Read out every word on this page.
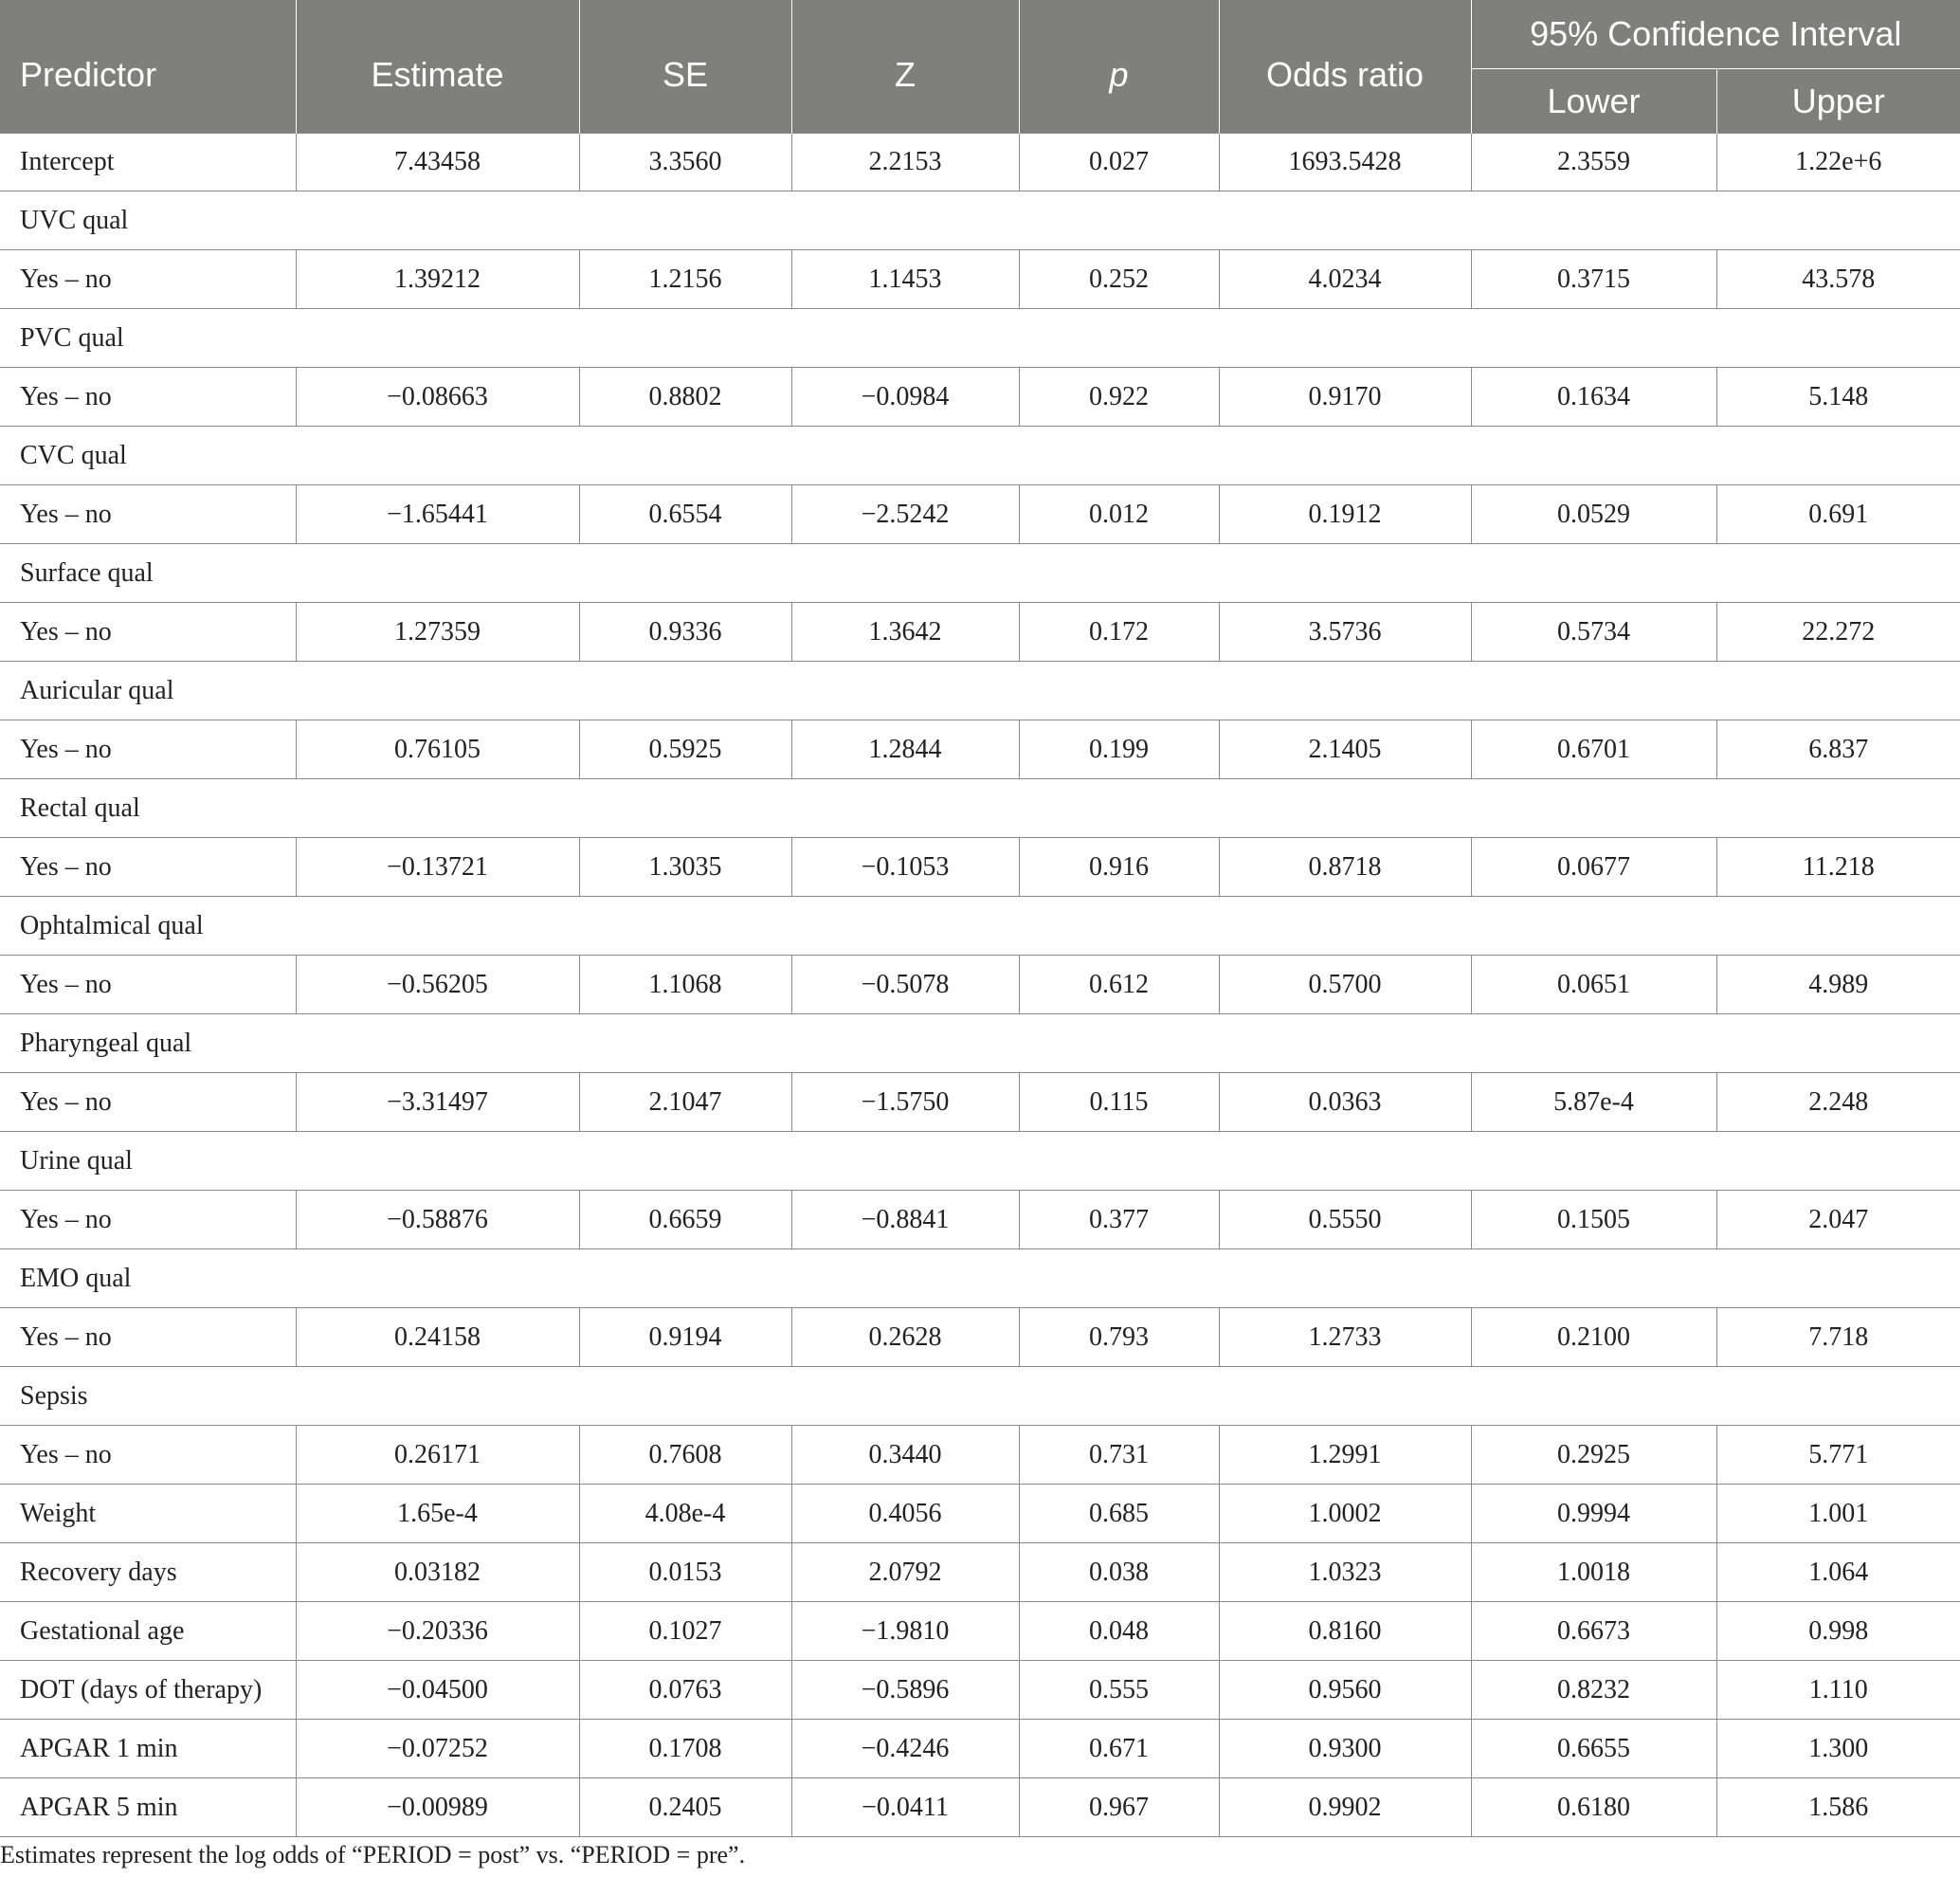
Predictor	Estimate	SE	Z	p	Odds ratio	95% Confidence Interval	
						Lower	Upper
Intercept	7.43458	3.3560	2.2153	0.027	1693.5428	2.3559	1.22e+6
UVC qual							
Yes – no	1.39212	1.2156	1.1453	0.252	4.0234	0.3715	43.578
PVC qual							
Yes – no	−0.08663	0.8802	−0.0984	0.922	0.9170	0.1634	5.148
CVC qual							
Yes – no	−1.65441	0.6554	−2.5242	0.012	0.1912	0.0529	0.691
Surface qual							
Yes – no	1.27359	0.9336	1.3642	0.172	3.5736	0.5734	22.272
Auricular qual							
Yes – no	0.76105	0.5925	1.2844	0.199	2.1405	0.6701	6.837
Rectal qual							
Yes – no	−0.13721	1.3035	−0.1053	0.916	0.8718	0.0677	11.218
Ophtalmical qual							
Yes – no	−0.56205	1.1068	−0.5078	0.612	0.5700	0.0651	4.989
Pharyngeal qual							
Yes – no	−3.31497	2.1047	−1.5750	0.115	0.0363	5.87e-4	2.248
Urine qual							
Yes – no	−0.58876	0.6659	−0.8841	0.377	0.5550	0.1505	2.047
EMO qual							
Yes – no	0.24158	0.9194	0.2628	0.793	1.2733	0.2100	7.718
Sepsis							
Yes – no	0.26171	0.7608	0.3440	0.731	1.2991	0.2925	5.771
Weight	1.65e-4	4.08e-4	0.4056	0.685	1.0002	0.9994	1.001
Recovery days	0.03182	0.0153	2.0792	0.038	1.0323	1.0018	1.064
Gestational age	−0.20336	0.1027	−1.9810	0.048	0.8160	0.6673	0.998
DOT (days of therapy)	−0.04500	0.0763	−0.5896	0.555	0.9560	0.8232	1.110
APGAR 1 min	−0.07252	0.1708	−0.4246	0.671	0.9300	0.6655	1.300
APGAR 5 min	−0.00989	0.2405	−0.0411	0.967	0.9902	0.6180	1.586
Estimates represent the log odds of “PERIOD = post” vs. “PERIOD = pre”.
